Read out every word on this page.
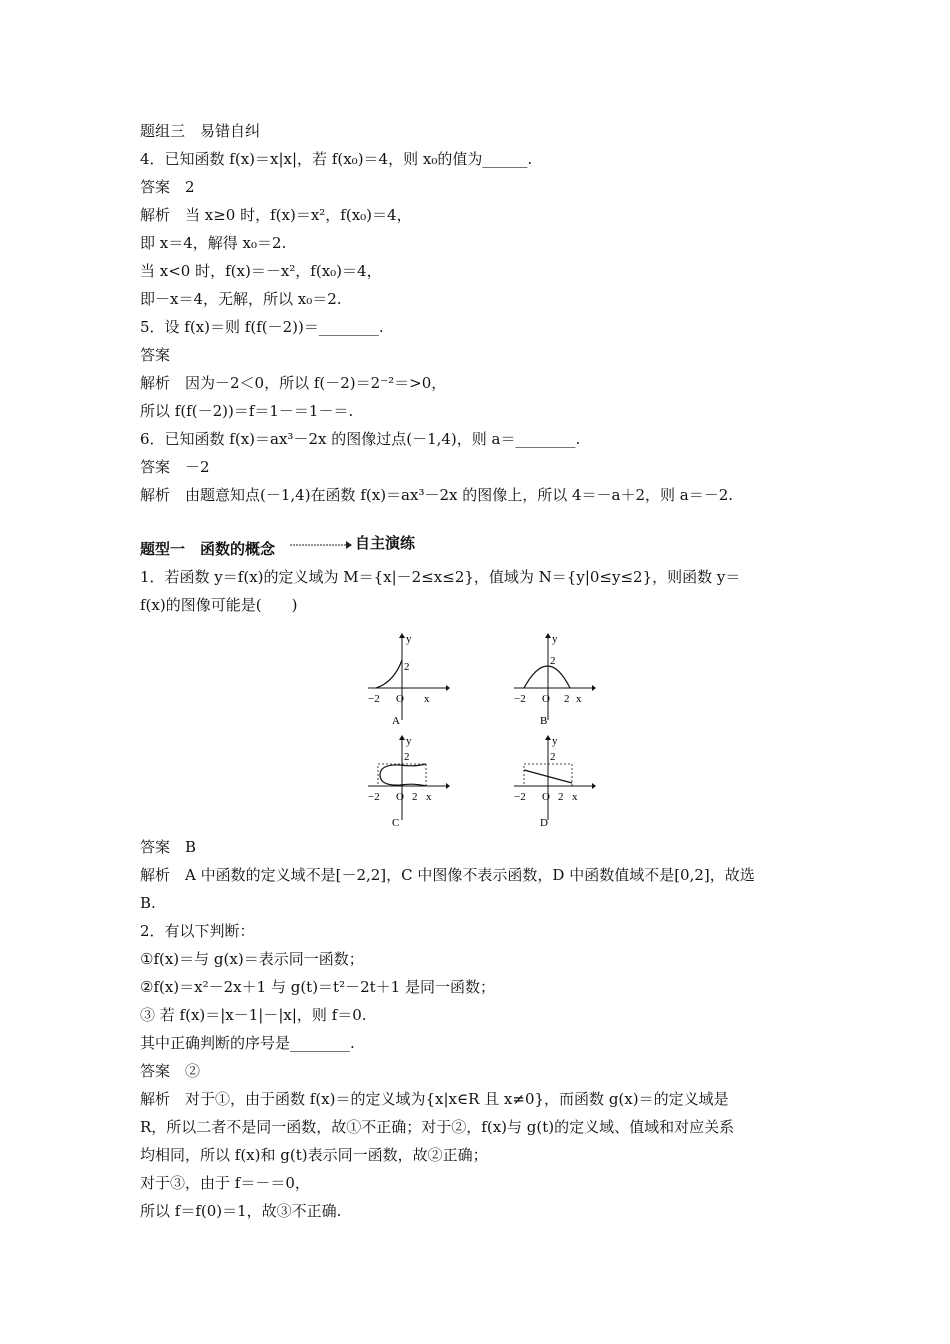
题组三　易错自纠
4．已知函数 f(x)＝x|x|，若 f(x₀)＝4，则 x₀的值为______.
答案　2
解析　当 x≥0 时，f(x)＝x²，f(x₀)＝4，
即 x＝4，解得 x₀＝2.
当 x<0 时，f(x)＝－x²，f(x₀)＝4，
即－x＝4，无解，所以 x₀＝2.
5．设 f(x)＝则 f(f(－2))＝________.
答案
解析　因为－2＜0，所以 f(－2)＝2⁻²＝>0，
所以 f(f(－2))＝f＝1－＝1－＝.
6．已知函数 f(x)＝ax³－2x 的图像过点(－1,4)，则 a＝________.
答案　－2
解析　由题意知点(－1,4)在函数 f(x)＝ax³－2x 的图像上，所以 4＝－a＋2，则 a＝－2.
题型一　函数的概念	自主演练
1．若函数 y＝f(x)的定义域为 M＝{x|－2≤x≤2}，值域为 N＝{y|0≤y≤2}，则函数 y＝
f(x)的图像可能是(　　)
y
2
−2 O x
A
y
2
−2 O 2 x
B
y
2
−2 O 2 x
C
y
2
−2 O 2 x
D
答案　B
解析　A 中函数的定义域不是[－2,2]，C 中图像不表示函数，D 中函数值域不是[0,2]，故选
B.
2．有以下判断：
①f(x)＝与 g(x)＝表示同一函数；
②f(x)＝x²－2x＋1 与 g(t)＝t²－2t＋1 是同一函数；
③ 若 f(x)＝|x－1|－|x|，则 f＝0.
其中正确判断的序号是________.
答案　②
解析　对于①，由于函数 f(x)＝的定义域为{x|x∈R 且 x≠0}，而函数 g(x)＝的定义域是
R，所以二者不是同一函数，故①不正确；对于②，f(x)与 g(t)的定义域、值域和对应关系
均相同，所以 f(x)和 g(t)表示同一函数，故②正确；
对于③，由于 f＝－＝0，
所以 f＝f(0)＝1，故③不正确.
